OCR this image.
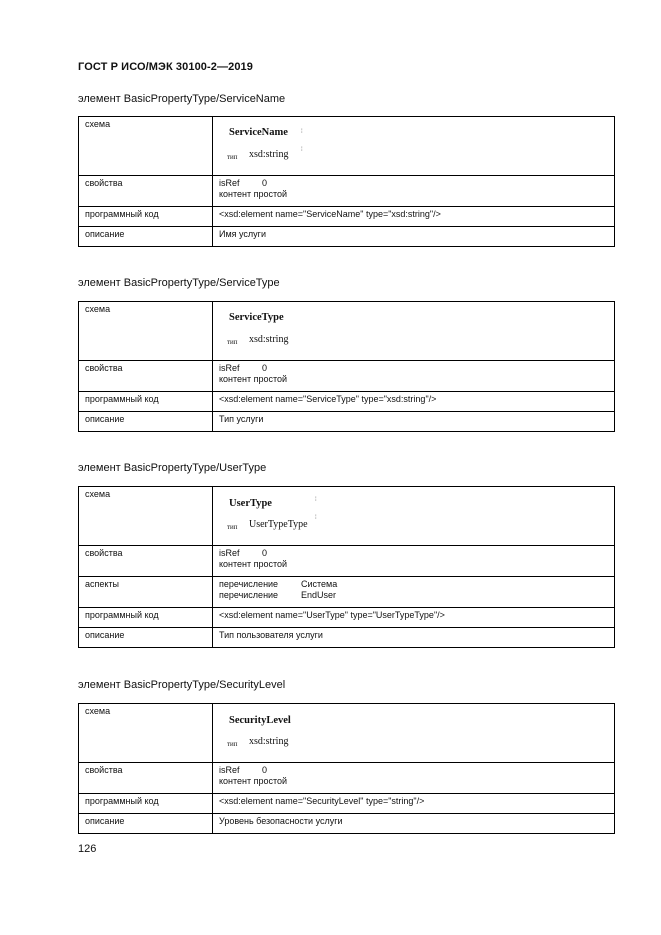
ГОСТ Р ИСО/МЭК 30100-2—2019
элемент BasicPropertyType/ServiceName
схема	ServiceName
тип xsd:string
⁞
⁞

свойства	isRef 0
контент простой

программный код	<xsd:element name="ServiceName" type="xsd:string"/>
описание	Имя услуги
элемент BasicPropertyType/ServiceType
схема	ServiceType
тип xsd:string

свойства	isRef 0
контент простой

программный код	<xsd:element name="ServiceType" type="xsd:string"/>
описание	Тип услуги
элемент BasicPropertyType/UserType
схема	UserType
тип UserTypeType
⁞
⁞

свойства	isRef 0
контент простой

аспекты	перечисление Система
перечисление EndUser

программный код	<xsd:element name="UserType" type="UserTypeType"/>
описание	Тип пользователя услуги
элемент BasicPropertyType/SecurityLevel
схема	SecurityLevel
тип xsd:string

свойства	isRef 0
контент простой

программный код	<xsd:element name="SecurityLevel" type="string"/>
описание	Уровень безопасности услуги
126
